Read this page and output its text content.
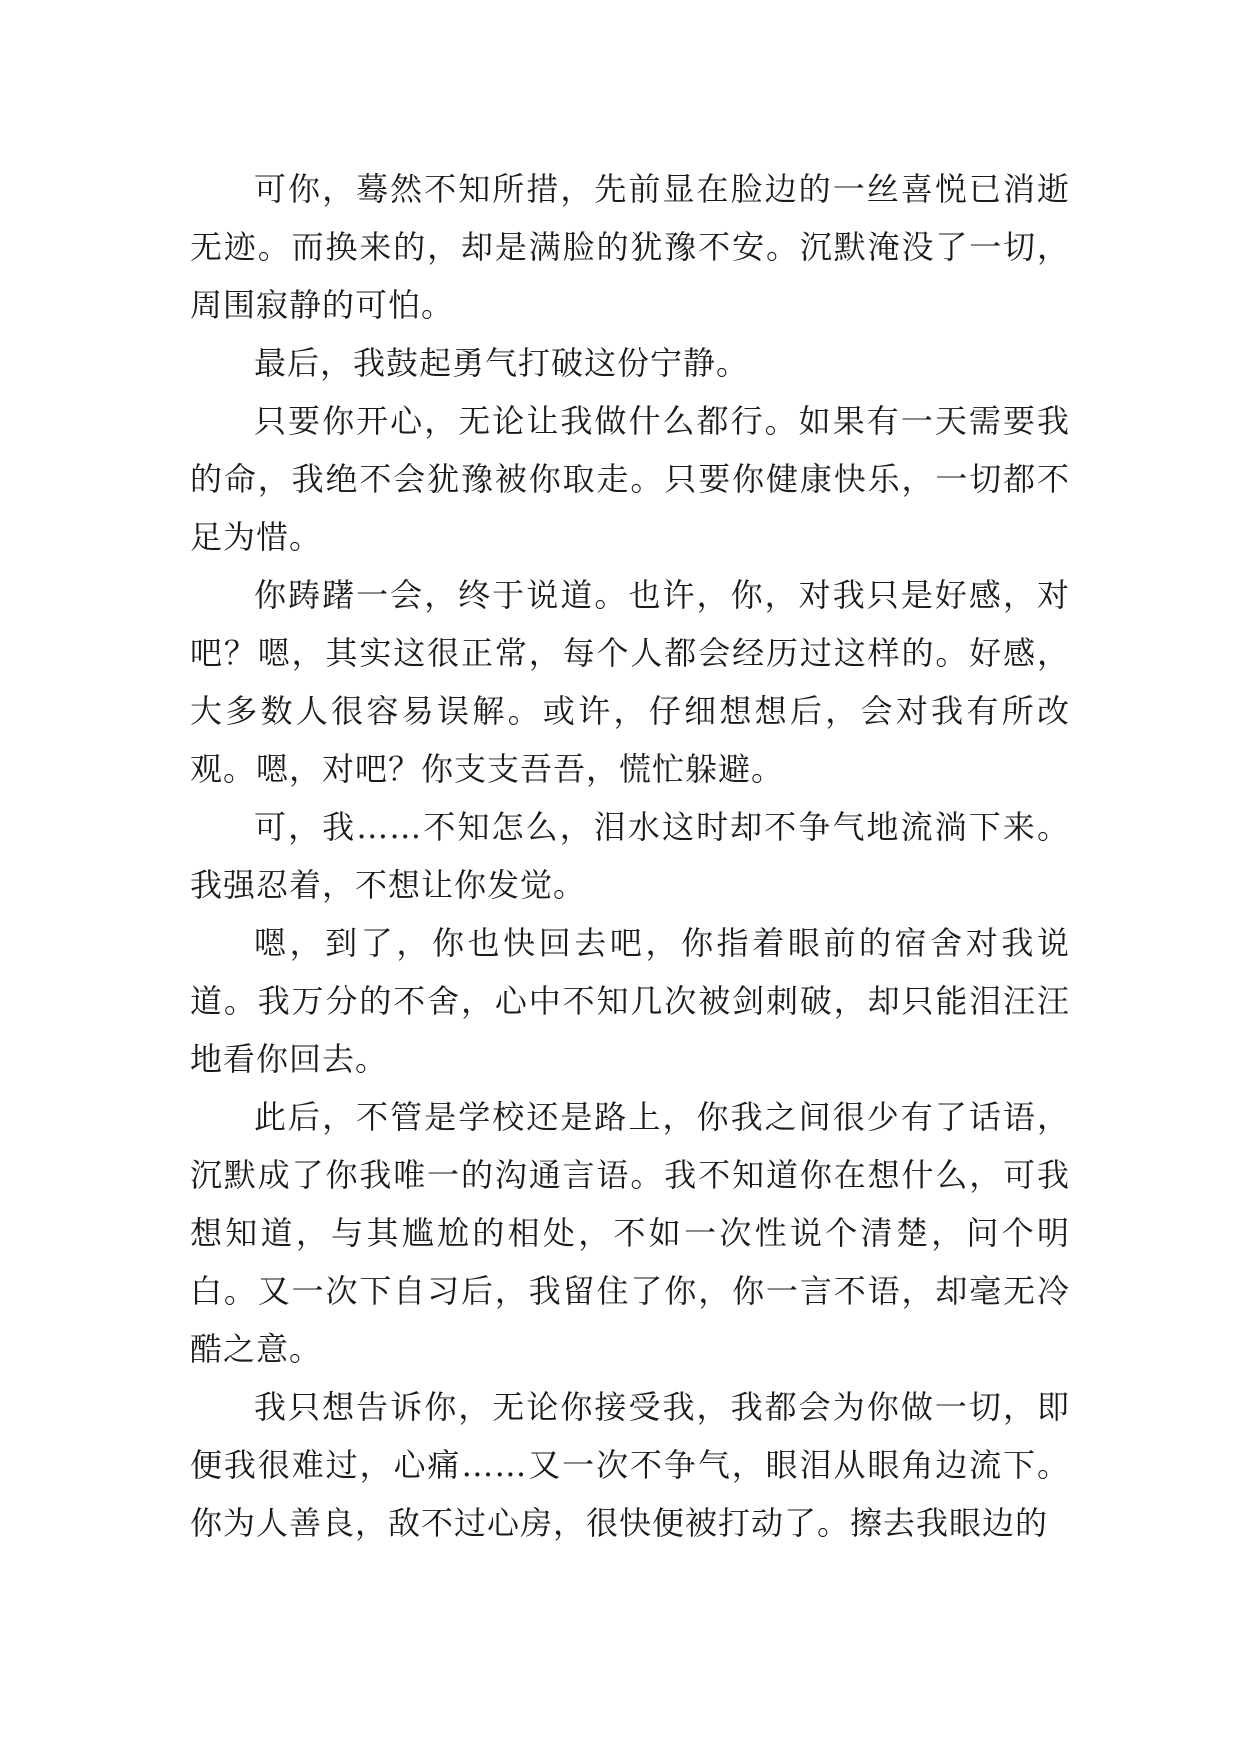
可你，蓦然不知所措，先前显在脸边的一丝喜悦已消逝无迹。而换来的，却是满脸的犹豫不安。沉默淹没了一切，周围寂静的可怕。

最后，我鼓起勇气打破这份宁静。

只要你开心，无论让我做什么都行。如果有一天需要我的命，我绝不会犹豫被你取走。只要你健康快乐，一切都不足为惜。

你踌躇一会，终于说道。也许，你，对我只是好感，对吧？嗯，其实这很正常，每个人都会经历过这样的。好感，大多数人很容易误解。或许，仔细想想后，会对我有所改观。嗯，对吧？你支支吾吾，慌忙躲避。

可，我……不知怎么，泪水这时却不争气地流淌下来。我强忍着，不想让你发觉。

嗯，到了，你也快回去吧，你指着眼前的宿舍对我说道。我万分的不舍，心中不知几次被剑刺破，却只能泪汪汪地看你回去。

此后，不管是学校还是路上，你我之间很少有了话语，沉默成了你我唯一的沟通言语。我不知道你在想什么，可我想知道，与其尴尬的相处，不如一次性说个清楚，问个明白。又一次下自习后，我留住了你，你一言不语，却毫无冷酷之意。

我只想告诉你，无论你接受我，我都会为你做一切，即便我很难过，心痛……又一次不争气，眼泪从眼角边流下。你为人善良，敌不过心房，很快便被打动了。擦去我眼边的
